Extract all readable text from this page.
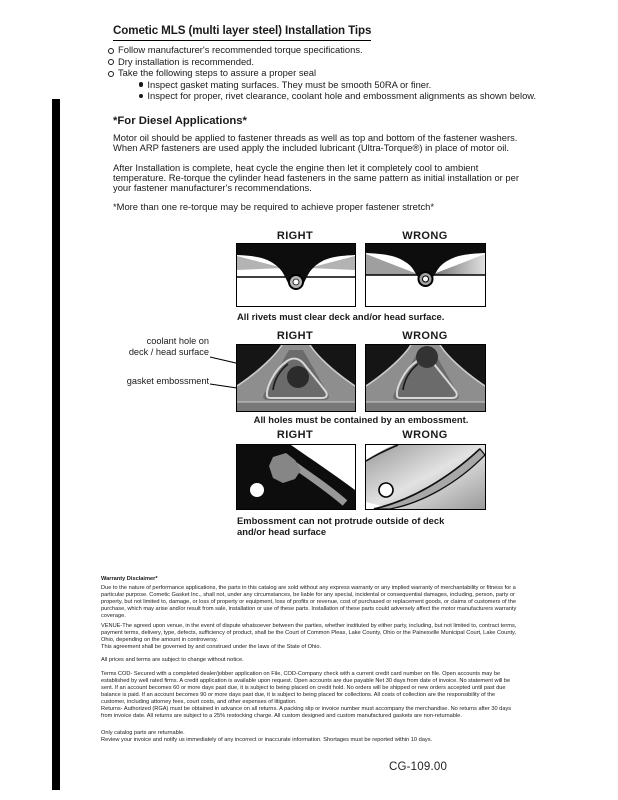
Cometic MLS (multi layer steel) Installation Tips
Follow manufacturer's recommended torque specifications.
Dry installation is recommended.
Take the following steps to assure a proper seal
Inspect gasket mating surfaces. They must be smooth 50RA or finer.
Inspect for proper, rivet clearance, coolant hole and embossment alignments as shown below.
*For Diesel Applications*

Motor oil should be applied to fastener threads as well as top and bottom of the fastener washers. When ARP fasteners are used apply the included lubricant (Ultra-Torque®) in place of motor oil.

After Installation is complete, heat cycle the engine then let it completely cool to ambient temperature. Re-torque the cylinder head fasteners in the same pattern as initial installation or per your fastener manufacturer's recommendations.

*More than one re-torque may be required to achieve proper fastener stretch*

RIGHT	WRONG
All rivets must clear deck and/or head surface.
RIGHT	WRONG
coolant hole on
deck / head surface
gasket embossment
All holes must be contained by an embossment.
RIGHT	WRONG
Embossment can not protrude outside of deck
and/or head surface
Warranty Disclaimer*
Due to the nature of performance applications, the parts in this catalog are sold without any express warranty or any implied warranty of merchantability or fitness for a particular purpose. Cometic Gasket Inc., shall not, under any circumstances, be liable for any special, incidental or consequential damages, including, person, party or property, but not limited to, damage, or loss of property or equipment, loss of profits or revenue, cost of purchased or replacement goods, or claims of customers of the purchase, which may arise and/or result from sale, installation or use of these parts. Installation of these parts could adversely affect the motor manufacturers warranty coverage.
VENUE-The agreed upon venue, in the event of dispute whatsoever between the parties, whether instituted by either party, including, but not limited to, contract terms, payment terms, delivery, type, defects, sufficiency of product, shall be the Court of Common Pleas, Lake County, Ohio or the Painesville Municipal Court, Lake County, Ohio, depending on the amount in controversy.
This agreement shall be governed by and construed under the laws of the State of Ohio.
All prices and terms are subject to change without notice.
Terms COD- Secured with a completed dealer/jobber application on File, COD-Company check with a current credit card number on file. Open accounts may be established by well rated firms. A credit application is available upon request. Open accounts are due payable Net 30 days from date of invoice. No statement will be sent. If an account becomes 60 or more days past due, it is subject to being placed on credit hold. No orders will be shipped or new orders accepted until past due balance is paid. If an account becomes 90 or more days past due, it is subject to being placed for collections. All costs of collection are the responsibility of the customer, including attorney fees, court costs, and other expenses of litigation.
Returns- Authorized (RGA) must be obtained in advance on all returns. A packing slip or invoice number must accompany the merchandise. No returns after 30 days from invoice date. All returns are subject to a 25% restocking charge. All custom designed and custom manufactured gaskets are non-returnable.
Only catalog parts are returnable.
Review your invoice and notify us immediately of any incorrect or inaccurate information. Shortages must be reported within 10 days.
CG-109.00
